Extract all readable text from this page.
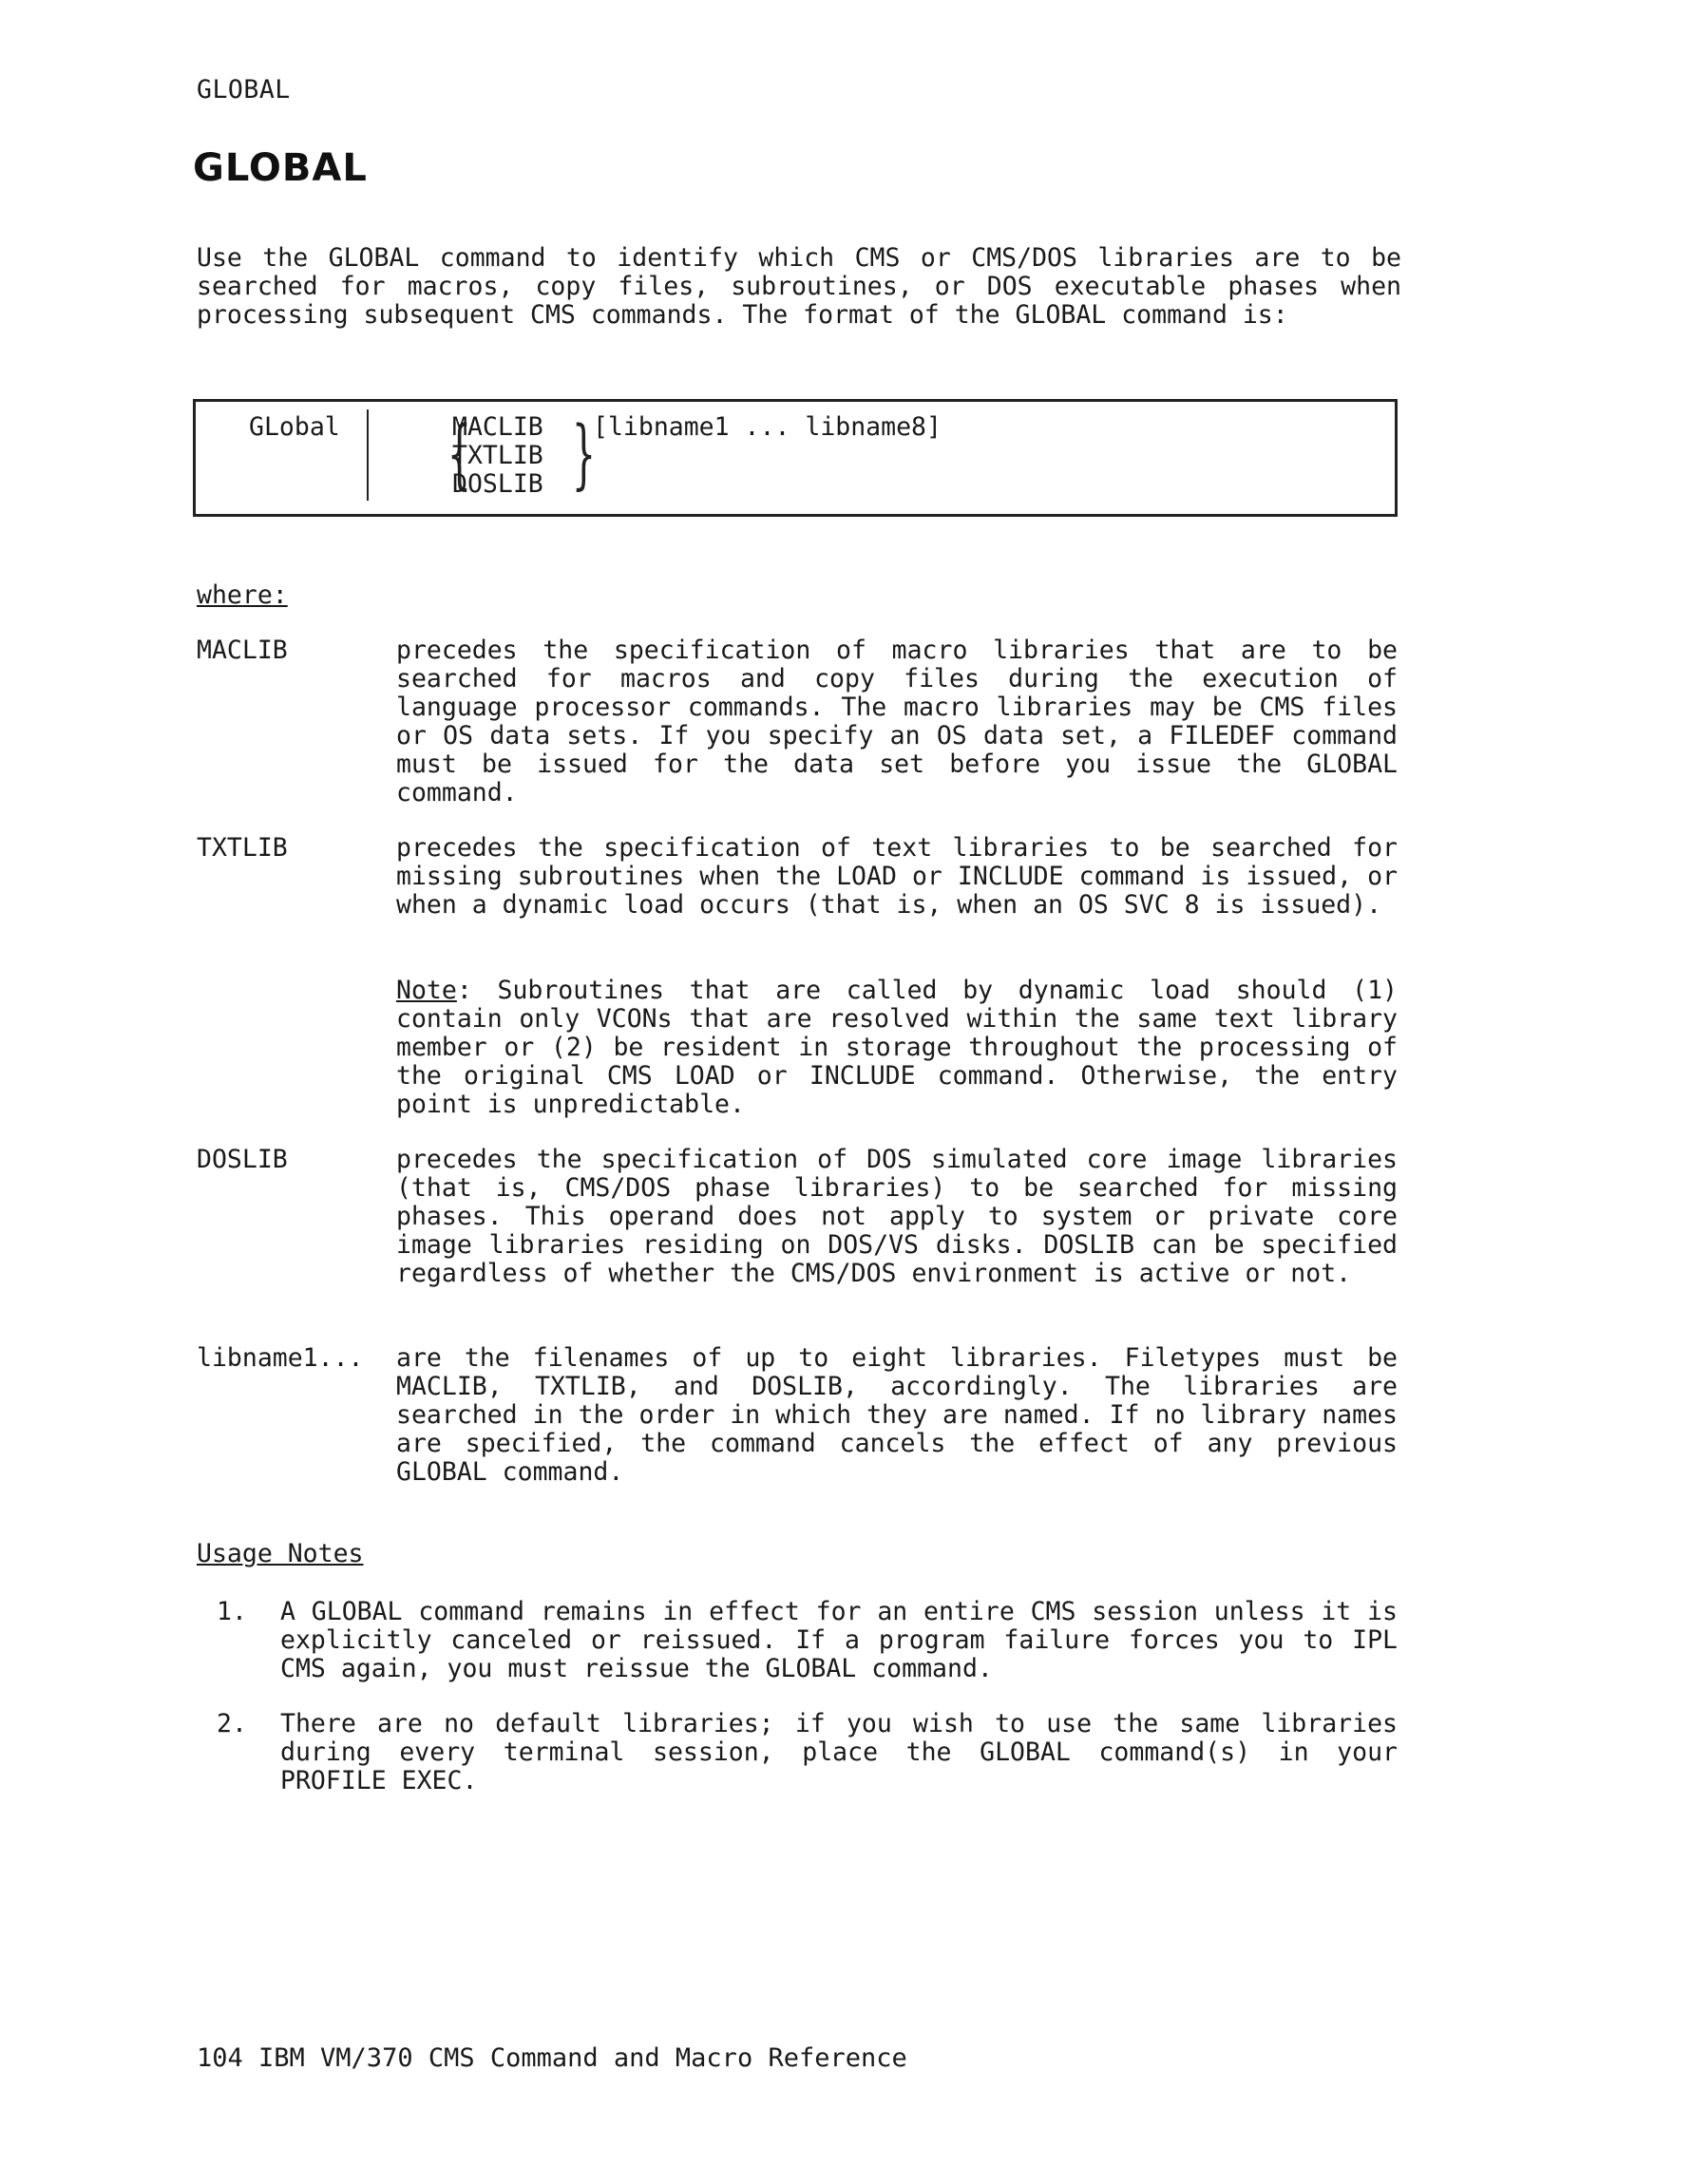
GLOBAL
GLOBAL
Use the GLOBAL command to identify which CMS or CMS/DOS libraries are to be searched for macros, copy files, subroutines, or DOS executable phases when processing subsequent CMS commands. The format of the GLOBAL command is:
GLobal {
MACLIB
TXTLIB
DOSLIB }
[libname1 ... libname8]
where:
MACLIB	precedes the specification of macro libraries that are to be searched for macros and copy files during the execution of language processor commands. The macro libraries may be CMS files or OS data sets. If you specify an OS data set, a FILEDEF command must be issued for the data set before you issue the GLOBAL command.
TXTLIB	precedes the specification of text libraries to be searched for missing subroutines when the LOAD or INCLUDE command is issued, or when a dynamic load occurs (that is, when an OS SVC 8 is issued).
Note: Subroutines that are called by dynamic load should (1) contain only VCONs that are resolved within the same text library member or (2) be resident in storage throughout the processing of the original CMS LOAD or INCLUDE command. Otherwise, the entry point is unpredictable.
DOSLIB	precedes the specification of DOS simulated core image libraries (that is, CMS/DOS phase libraries) to be searched for missing phases. This operand does not apply to system or private core image libraries residing on DOS/VS disks. DOSLIB can be specified regardless of whether the CMS/DOS environment is active or not.
libname1... are the filenames of up to eight libraries. Filetypes must be MACLIB, TXTLIB, and DOSLIB, accordingly. The libraries are searched in the order in which they are named. If no library names are specified, the command cancels the effect of any previous GLOBAL command.
Usage Notes
1. A GLOBAL command remains in effect for an entire CMS session unless it is explicitly canceled or reissued. If a program failure forces you to IPL CMS again, you must reissue the GLOBAL command.
2. There are no default libraries; if you wish to use the same libraries during every terminal session, place the GLOBAL command(s) in your PROFILE EXEC.
104 IBM VM/370 CMS Command and Macro Reference
